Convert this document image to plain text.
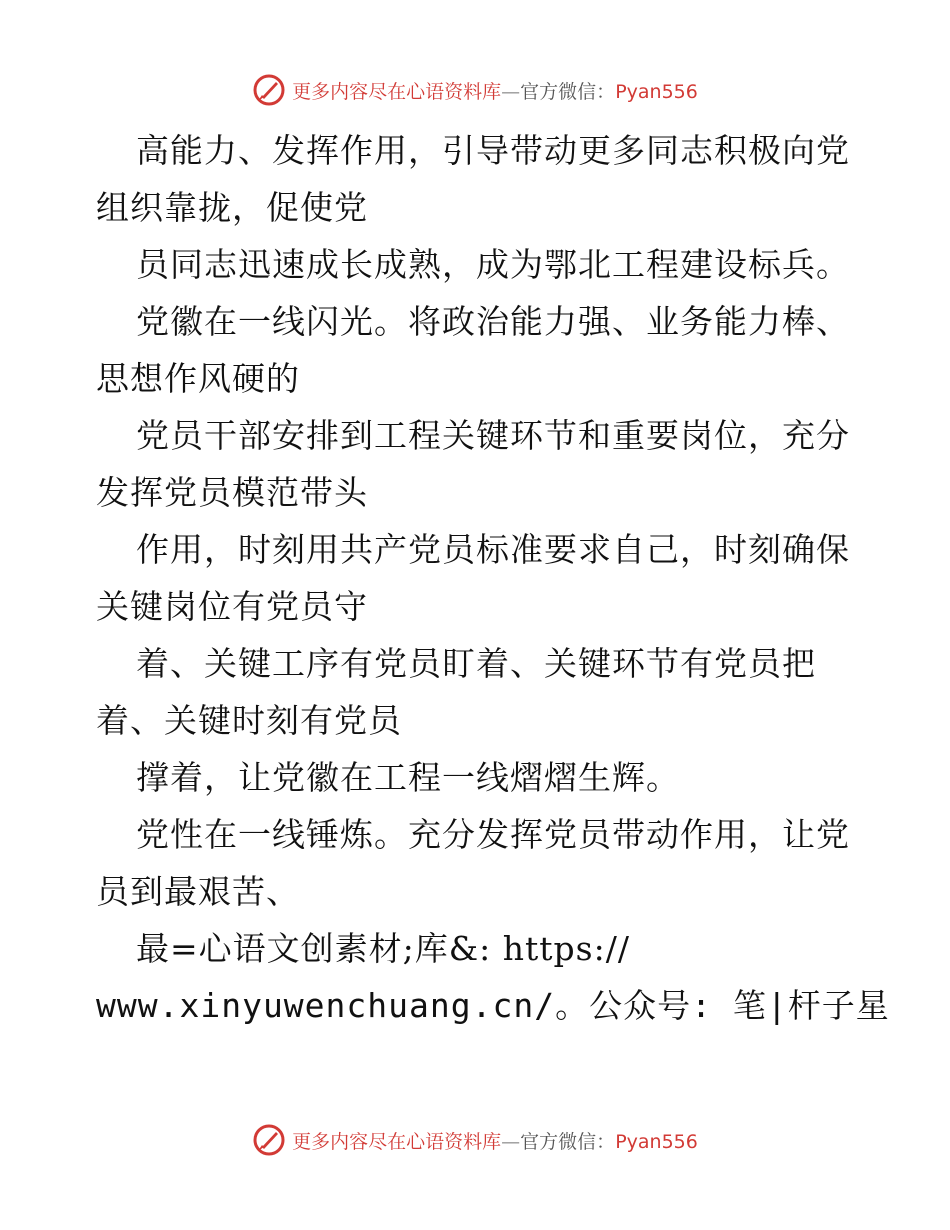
更多内容尽在心语资料库—官方微信：Pyan556
高能力、发挥作用，引导带动更多同志积极向党
组织靠拢，促使党
员同志迅速成长成熟，成为鄂北工程建设标兵。
党徽在一线闪光。将政治能力强、业务能力棒、
思想作风硬的
党员干部安排到工程关键环节和重要岗位，充分
发挥党员模范带头
作用，时刻用共产党员标准要求自己，时刻确保
关键岗位有党员守
着、关键工序有党员盯着、关键环节有党员把
着、关键时刻有党员
撑着，让党徽在工程一线熠熠生辉。
党性在一线锤炼。充分发挥党员带动作用，让党
员到最艰苦、
最=心语文创素材;库&: https://
www.xinyuwenchuang.cn/。公众号: 笔|杆子星
更多内容尽在心语资料库—官方微信：Pyan556
